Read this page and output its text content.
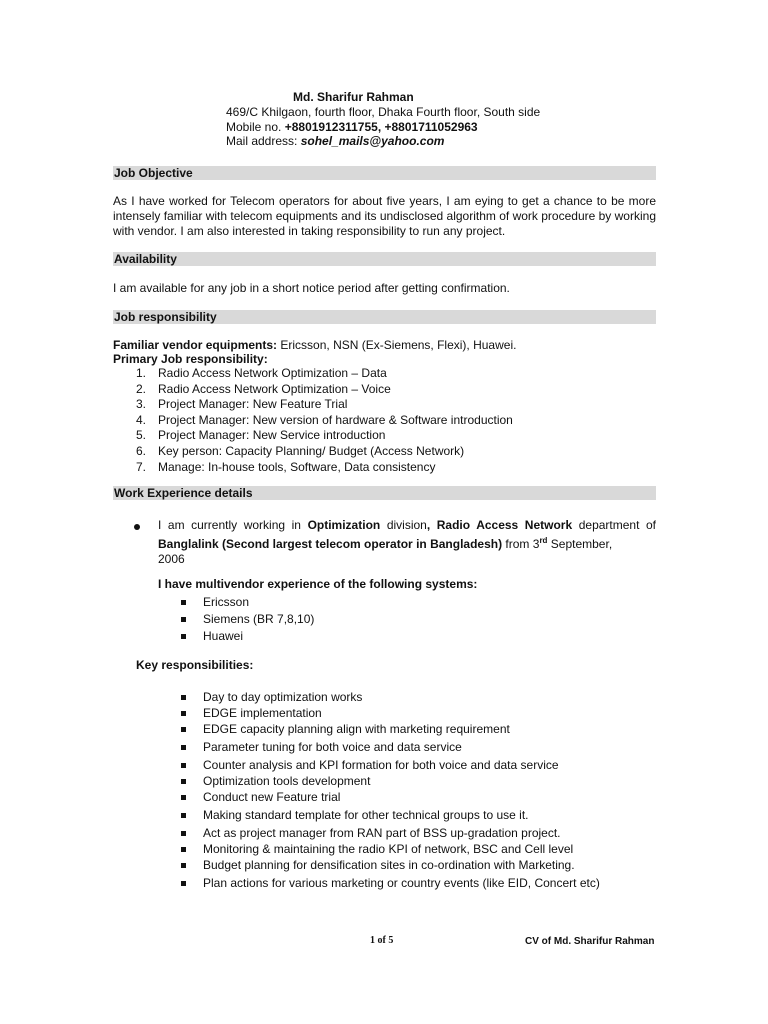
Md. Sharifur Rahman
469/C Khilgaon, fourth floor, Dhaka Fourth floor, South side
Mobile no. +8801912311755, +8801711052963
Mail address: sohel_mails@yahoo.com
Job Objective
As I have worked for Telecom operators for about five years, I am eying to get a chance to be more intensely familiar with telecom equipments and its undisclosed algorithm of work procedure by working with vendor. I am also interested in taking responsibility to run any project.
Availability
I am available for any job in a short notice period after getting confirmation.
Job responsibility
Familiar vendor equipments: Ericsson, NSN (Ex-Siemens, Flexi), Huawei.
Primary Job responsibility:
1. Radio Access Network Optimization – Data
2. Radio Access Network Optimization – Voice
3. Project Manager: New Feature Trial
4. Project Manager: New version of hardware & Software introduction
5. Project Manager: New Service introduction
6. Key person: Capacity Planning/ Budget (Access Network)
7. Manage: In-house tools, Software, Data consistency
Work Experience details
I am currently working in Optimization division, Radio Access Network department of Banglalink (Second largest telecom operator in Bangladesh) from 3rd September,
2006
I have multivendor experience of the following systems:
Ericsson
Siemens (BR 7,8,10)
Huawei
Key responsibilities:
Day to day optimization works
EDGE implementation
EDGE capacity planning align with marketing requirement
Parameter tuning for both voice and data service
Counter analysis and KPI formation for both voice and data service
Optimization tools development
Conduct new Feature trial
Making standard template for other technical groups to use it.
Act as project manager from RAN part of BSS up-gradation project.
Monitoring & maintaining the radio KPI of network, BSC and Cell level
Budget planning for densification sites in co-ordination with Marketing.
Plan actions for various marketing or country events (like EID, Concert etc)
1 of 5	CV of Md. Sharifur Rahman
